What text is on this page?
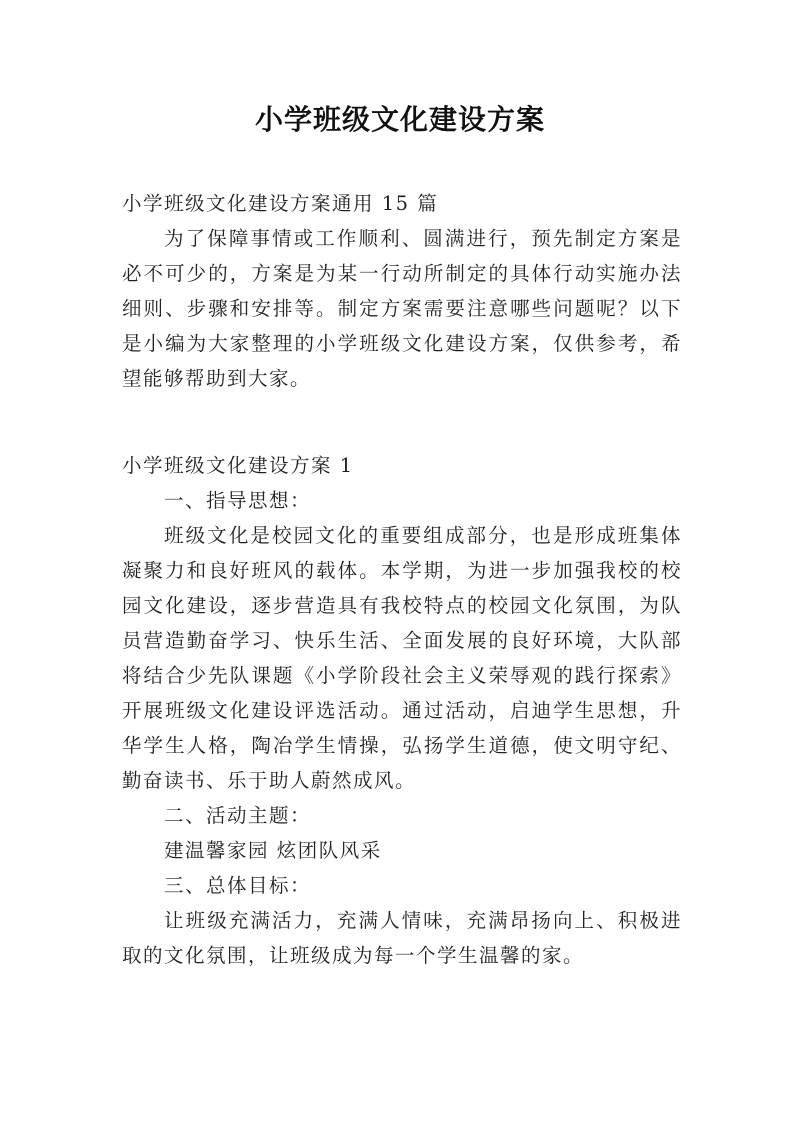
小学班级文化建设方案
小学班级文化建设方案通用 15 篇

为了保障事情或工作顺利、圆满进行，预先制定方案是必不可少的，方案是为某一行动所制定的具体行动实施办法细则、步骤和安排等。制定方案需要注意哪些问题呢？以下是小编为大家整理的小学班级文化建设方案，仅供参考，希望能够帮助到大家。

小学班级文化建设方案 1
一、指导思想：

班级文化是校园文化的重要组成部分，也是形成班集体凝聚力和良好班风的载体。本学期，为进一步加强我校的校园文化建设，逐步营造具有我校特点的校园文化氛围，为队员营造勤奋学习、快乐生活、全面发展的良好环境，大队部将结合少先队课题《小学阶段社会主义荣辱观的践行探索》开展班级文化建设评选活动。通过活动，启迪学生思想，升华学生人格，陶冶学生情操，弘扬学生道德，使文明守纪、勤奋读书、乐于助人蔚然成风。

二、活动主题：
建温馨家园 炫团队风采
三、总体目标：

让班级充满活力，充满人情味，充满昂扬向上、积极进取的文化氛围，让班级成为每一个学生温馨的家。
